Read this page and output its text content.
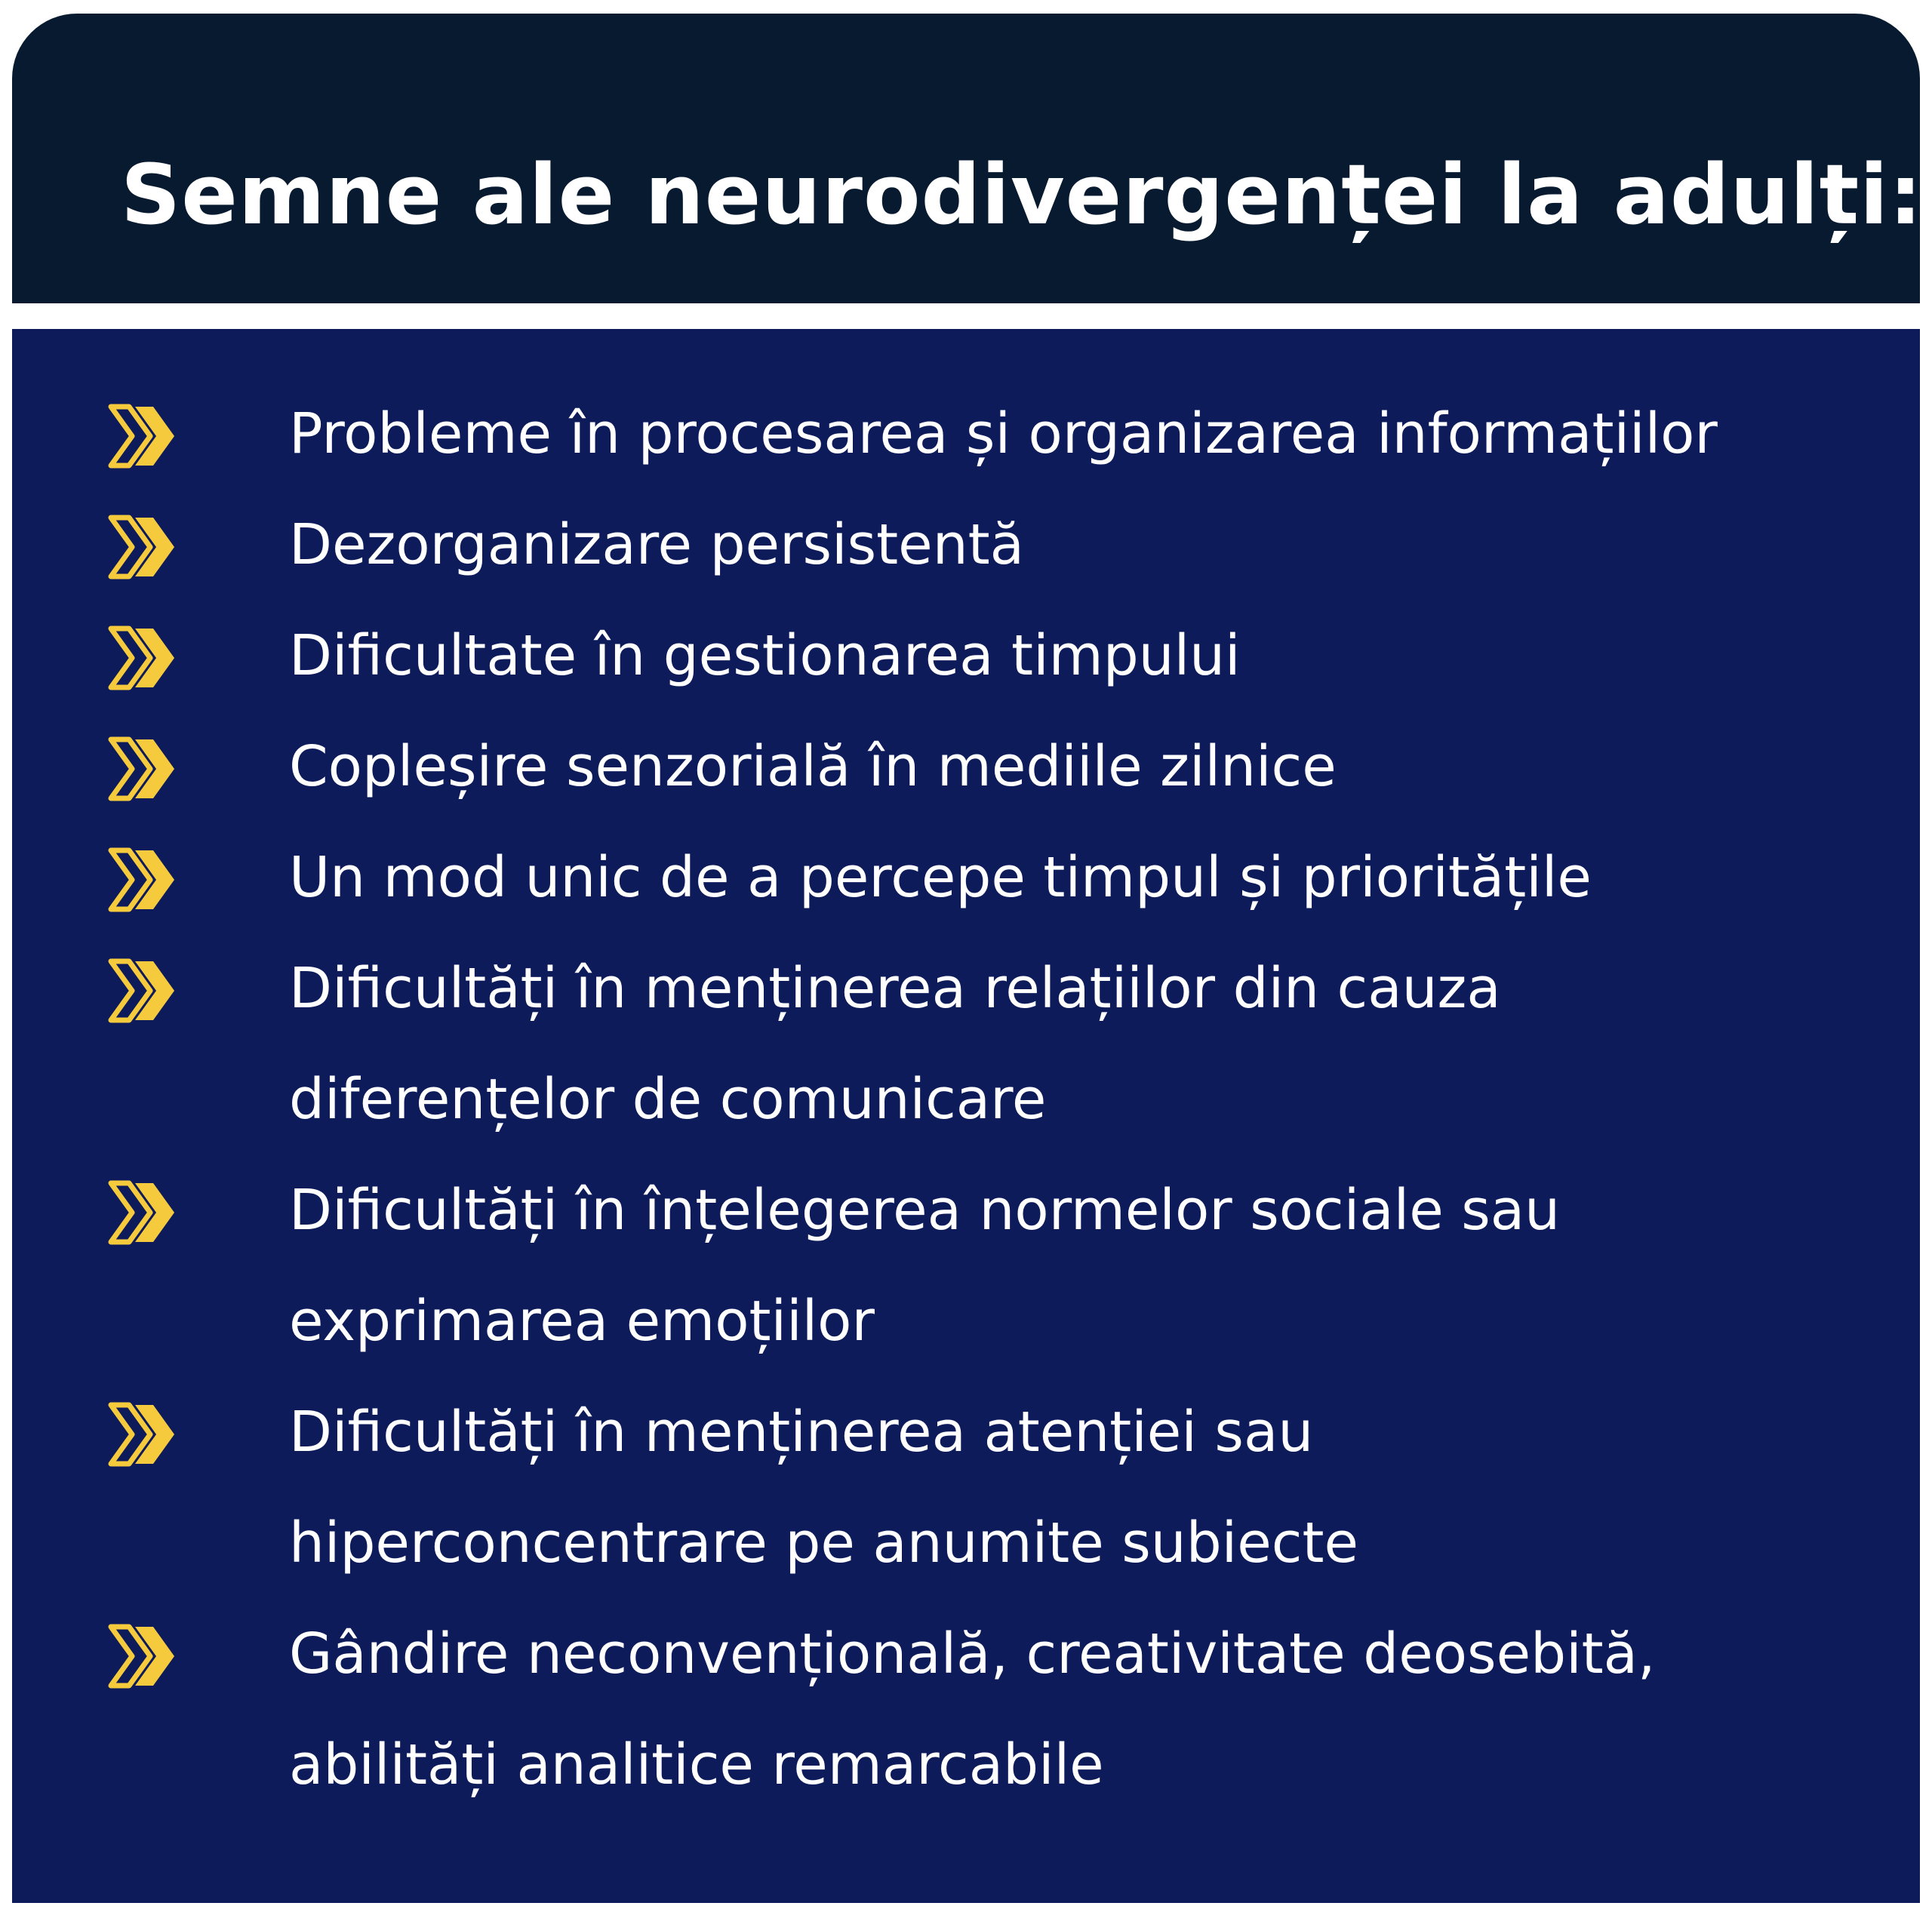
Semne ale neurodivergenței la adulți:
Probleme în procesarea și organizarea informațiilor
Dezorganizare persistentă
Dificultate în gestionarea timpului
Copleșire senzorială în mediile zilnice
Un mod unic de a percepe timpul și prioritățile
Dificultăți în menținerea relațiilor din cauza
diferențelor de comunicare
Dificultăți în înțelegerea normelor sociale sau
exprimarea emoțiilor
Dificultăți în menținerea atenției sau
hiperconcentrare pe anumite subiecte
Gândire neconvențională, creativitate deosebită,
abilități analitice remarcabile
